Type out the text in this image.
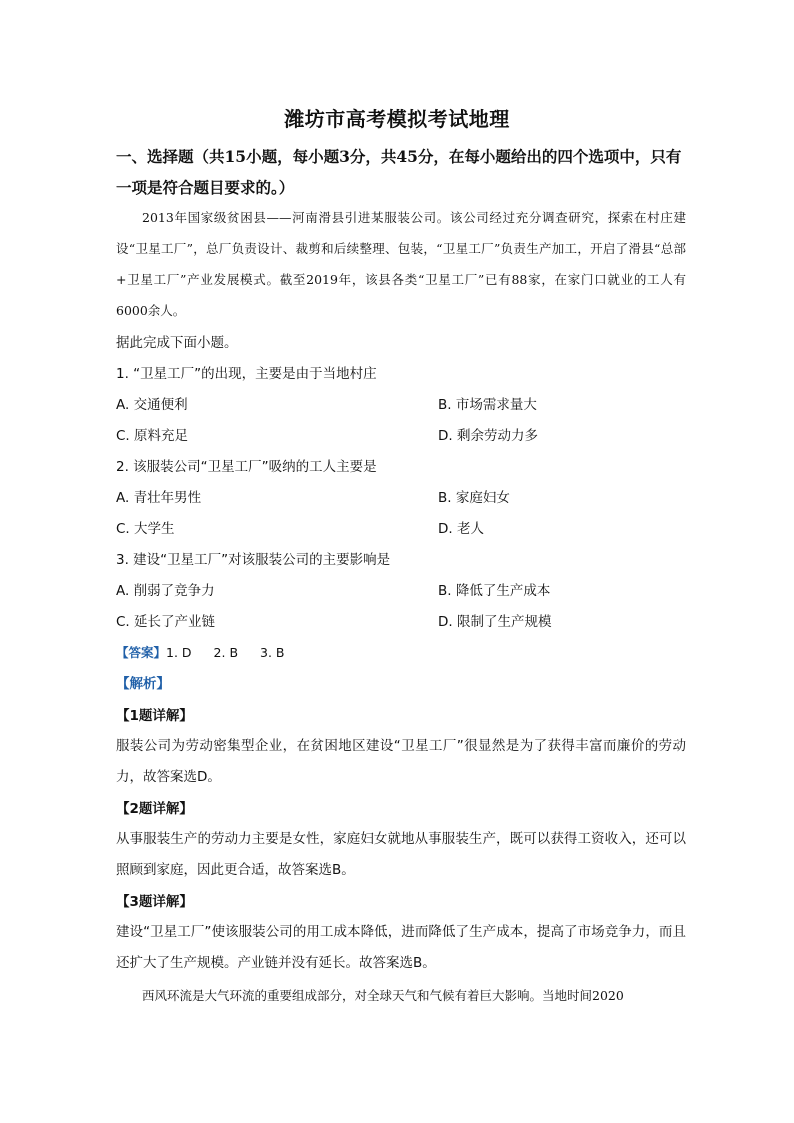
潍坊市高考模拟考试地理
一、选择题（共15小题，每小题3分，共45分，在每小题给出的四个选项中，只有一项是符合题目要求的。）
2013年国家级贫困县——河南滑县引进某服装公司。该公司经过充分调查研究，探索在村庄建设“卫星工厂”，总厂负责设计、裁剪和后续整理、包装，“卫星工厂”负责生产加工，开启了滑县“总部+卫星工厂”产业发展模式。截至2019年，该县各类“卫星工厂”已有88家，在家门口就业的工人有6000余人。
据此完成下面小题。
1. “卫星工厂”的出现，主要是由于当地村庄
A. 交通便利	B. 市场需求量大
C. 原料充足	D. 剩余劳动力多
2. 该服装公司“卫星工厂”吸纳的工人主要是
A. 青壮年男性	B. 家庭妇女
C. 大学生	D. 老人
3. 建设“卫星工厂”对该服装公司的主要影响是
A. 削弱了竞争力	B. 降低了生产成本
C. 延长了产业链	D. 限制了生产规模
【答案】1. D 2. B 3. B
【解析】
【1题详解】
服装公司为劳动密集型企业，在贫困地区建设“卫星工厂”很显然是为了获得丰富而廉价的劳动力，故答案选D。
【2题详解】
从事服装生产的劳动力主要是女性，家庭妇女就地从事服装生产，既可以获得工资收入，还可以照顾到家庭，因此更合适，故答案选B。
【3题详解】
建设“卫星工厂”使该服装公司的用工成本降低，进而降低了生产成本，提高了市场竞争力，而且还扩大了生产规模。产业链并没有延长。故答案选B。
西风环流是大气环流的重要组成部分，对全球天气和气候有着巨大影响。当地时间2020
